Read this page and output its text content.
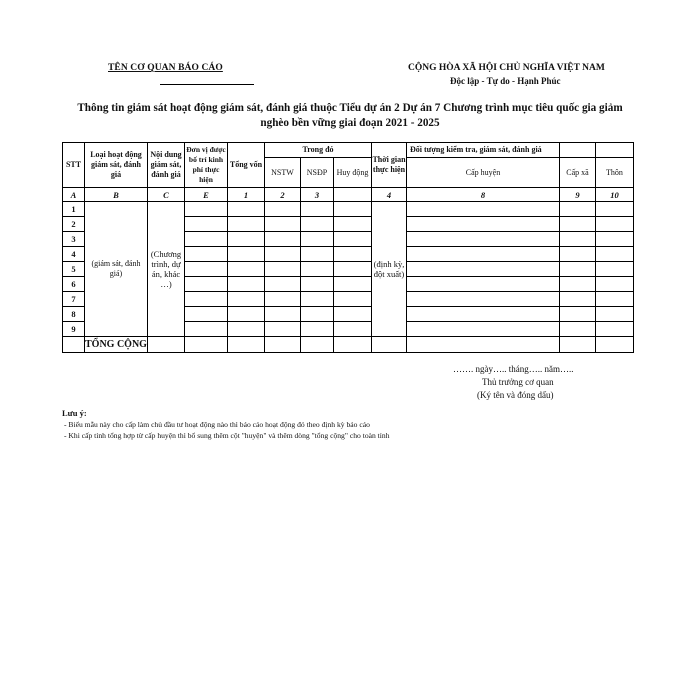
TÊN CƠ QUAN BÁO CÁO	CỘNG HÒA XÃ HỘI CHỦ NGHĨA VIỆT NAM
Độc lập - Tự do - Hạnh Phúc
Thông tin giám sát hoạt động giám sát, đánh giá thuộc Tiểu dự án 2 Dự án 7 Chương trình mục tiêu quốc gia giảm nghèo bền vững giai đoạn 2021 - 2025
STT	Loại hoạt động giám sát, đánh giá	Nội dung giám sát, đánh giá	Đơn vị được bố trí kinh phí thực hiện	Tổng vốn	Trong đó			Thời gian thực hiện	Đối tượng kiểm tra, giám sát, đánh giá		
					NSTW	NSĐP	Huy động		Cấp huyện	Cấp xã	Thôn
A	B	C	E	1	2	3		4	8	9	10
1	(giám sát, đánh giá)	(Chương trình, dự án, khác …)						(định kỳ, đột xuất)			
2											
3											
4											
5											
6											
7											
8											
9											
	TỔNG CỘNG										
……. ngày….. tháng….. năm…..
Thủ trưởng cơ quan
(Ký tên và đóng dấu)
Lưu ý:
- Biểu mẫu này cho cấp làm chủ đầu tư hoạt động nào thì báo cáo hoạt động đó theo định kỳ báo cáo
- Khi cấp tỉnh tổng hợp từ cấp huyện thì bổ sung thêm cột "huyện" và thêm dòng "tổng cộng" cho toàn tỉnh
